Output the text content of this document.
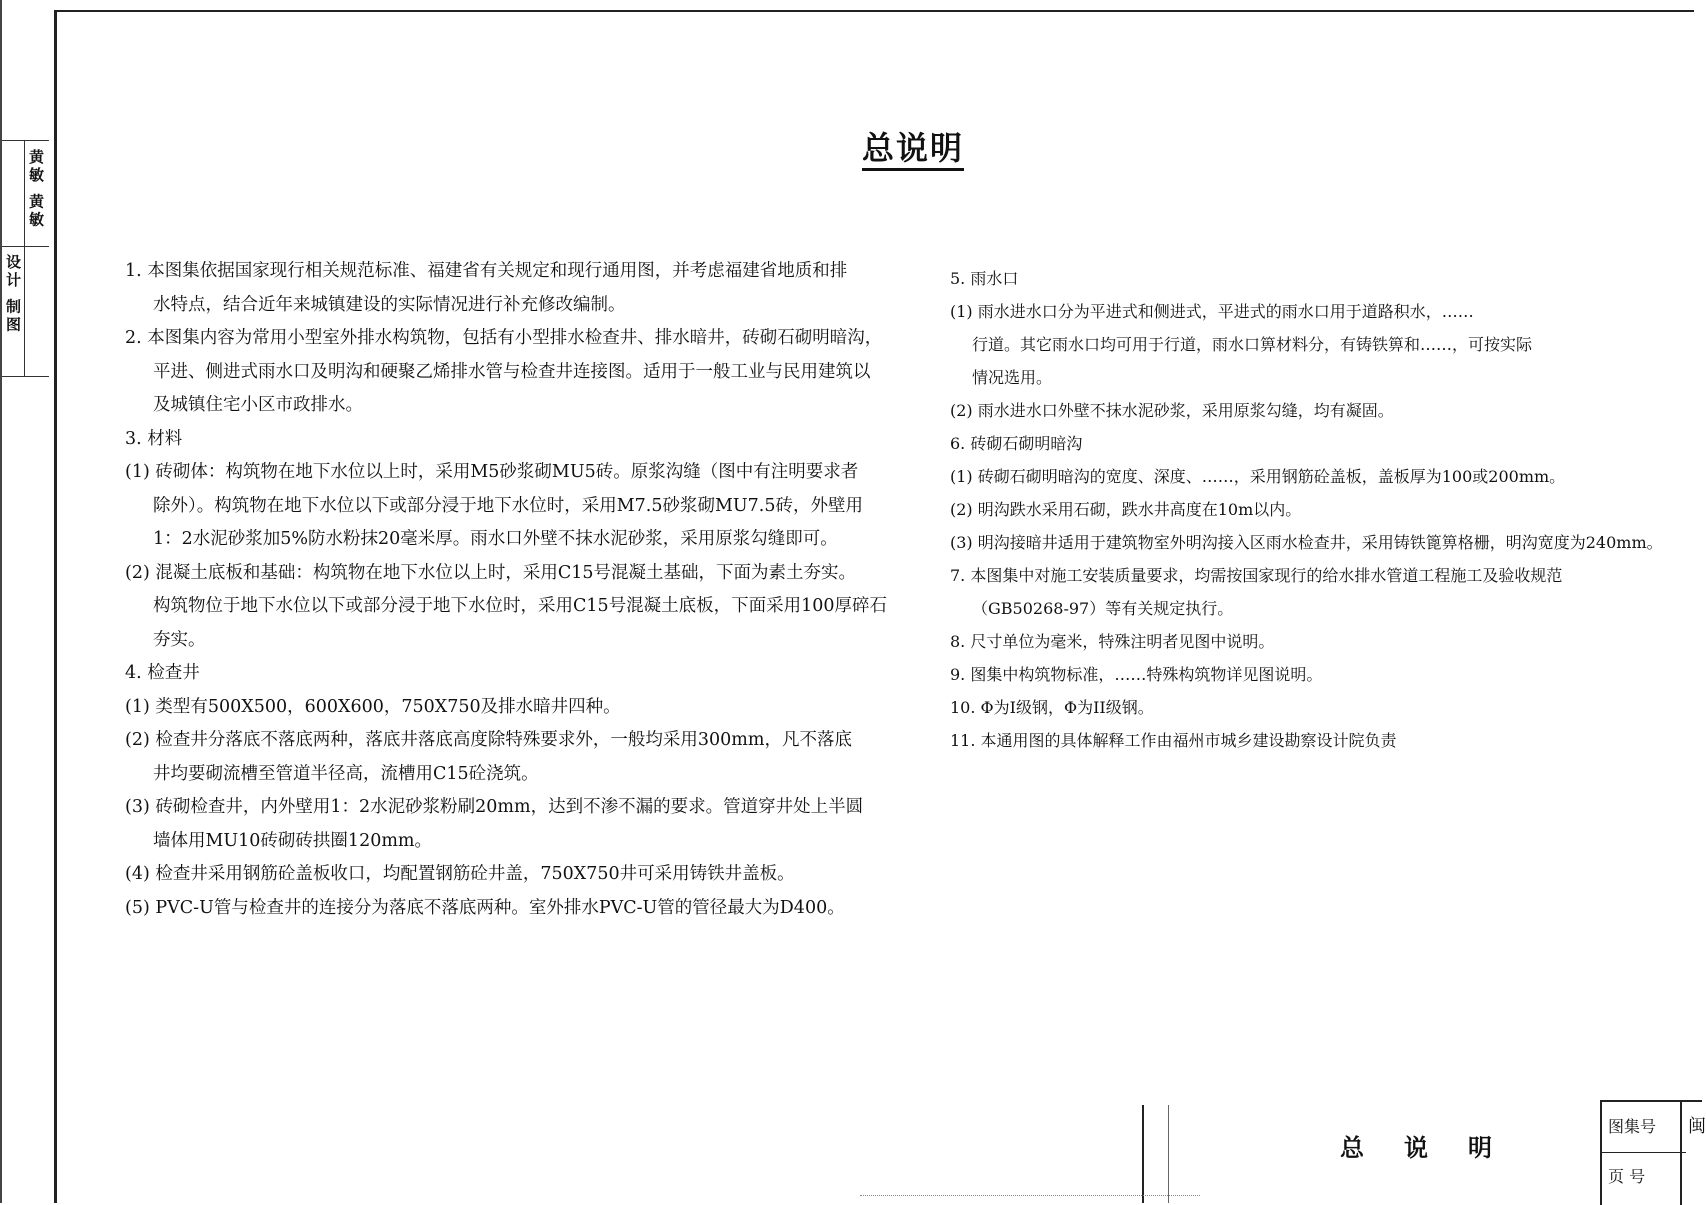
黄敏 黄敏
设计 制图
总说明
1. 本图集依据国家现行相关规范标准、福建省有关规定和现行通用图，并考虑福建省地质和排
水特点，结合近年来城镇建设的实际情况进行补充修改编制。
2. 本图集内容为常用小型室外排水构筑物，包括有小型排水检查井、排水暗井，砖砌石砌明暗沟，
平进、侧进式雨水口及明沟和硬聚乙烯排水管与检查井连接图。适用于一般工业与民用建筑以
及城镇住宅小区市政排水。
3. 材料
(1) 砖砌体：构筑物在地下水位以上时，采用M5砂浆砌MU5砖。原浆沟缝（图中有注明要求者
除外）。构筑物在地下水位以下或部分浸于地下水位时，采用M7.5砂浆砌MU7.5砖，外壁用
1：2水泥砂浆加5%防水粉抹20毫米厚。雨水口外壁不抹水泥砂浆，采用原浆勾缝即可。
(2) 混凝土底板和基础：构筑物在地下水位以上时，采用C15号混凝土基础，下面为素土夯实。
构筑物位于地下水位以下或部分浸于地下水位时，采用C15号混凝土底板，下面采用100厚碎石
夯实。
4. 检查井
(1) 类型有500X500，600X600，750X750及排水暗井四种。
(2) 检查井分落底不落底两种，落底井落底高度除特殊要求外，一般均采用300mm，凡不落底
井均要砌流槽至管道半径高，流槽用C15砼浇筑。
(3) 砖砌检查井，内外壁用1：2水泥砂浆粉刷20mm，达到不渗不漏的要求。管道穿井处上半圆
墙体用MU10砖砌砖拱圈120mm。
(4) 检查井采用钢筋砼盖板收口，均配置钢筋砼井盖，750X750井可采用铸铁井盖板。
(5) PVC-U管与检查井的连接分为落底不落底两种。室外排水PVC-U管的管径最大为D400。
5. 雨水口
(1) 雨水进水口分为平进式和侧进式，平进式的雨水口用于道路积水，……
行道。其它雨水口均可用于行道，雨水口箅材料分，有铸铁箅和……，可按实际
情况选用。
(2) 雨水进水口外壁不抹水泥砂浆，采用原浆勾缝，均有凝固。
6. 砖砌石砌明暗沟
(1) 砖砌石砌明暗沟的宽度、深度、……，采用钢筋砼盖板，盖板厚为100或200mm。
(2) 明沟跌水采用石砌，跌水井高度在10m以内。
(3) 明沟接暗井适用于建筑物室外明沟接入区雨水检查井，采用铸铁篦箅格栅，明沟宽度为240mm。
7. 本图集中对施工安装质量要求，均需按国家现行的给水排水管道工程施工及验收规范
（GB50268-97）等有关规定执行。
8. 尺寸单位为毫米，特殊注明者见图中说明。
9. 图集中构筑物标准，……特殊构筑物详见图说明。
10. Φ为I级钢，Φ为II级钢。
11. 本通用图的具体解释工作由福州市城乡建设勘察设计院负责
总说明
图集号
页 号
闽
